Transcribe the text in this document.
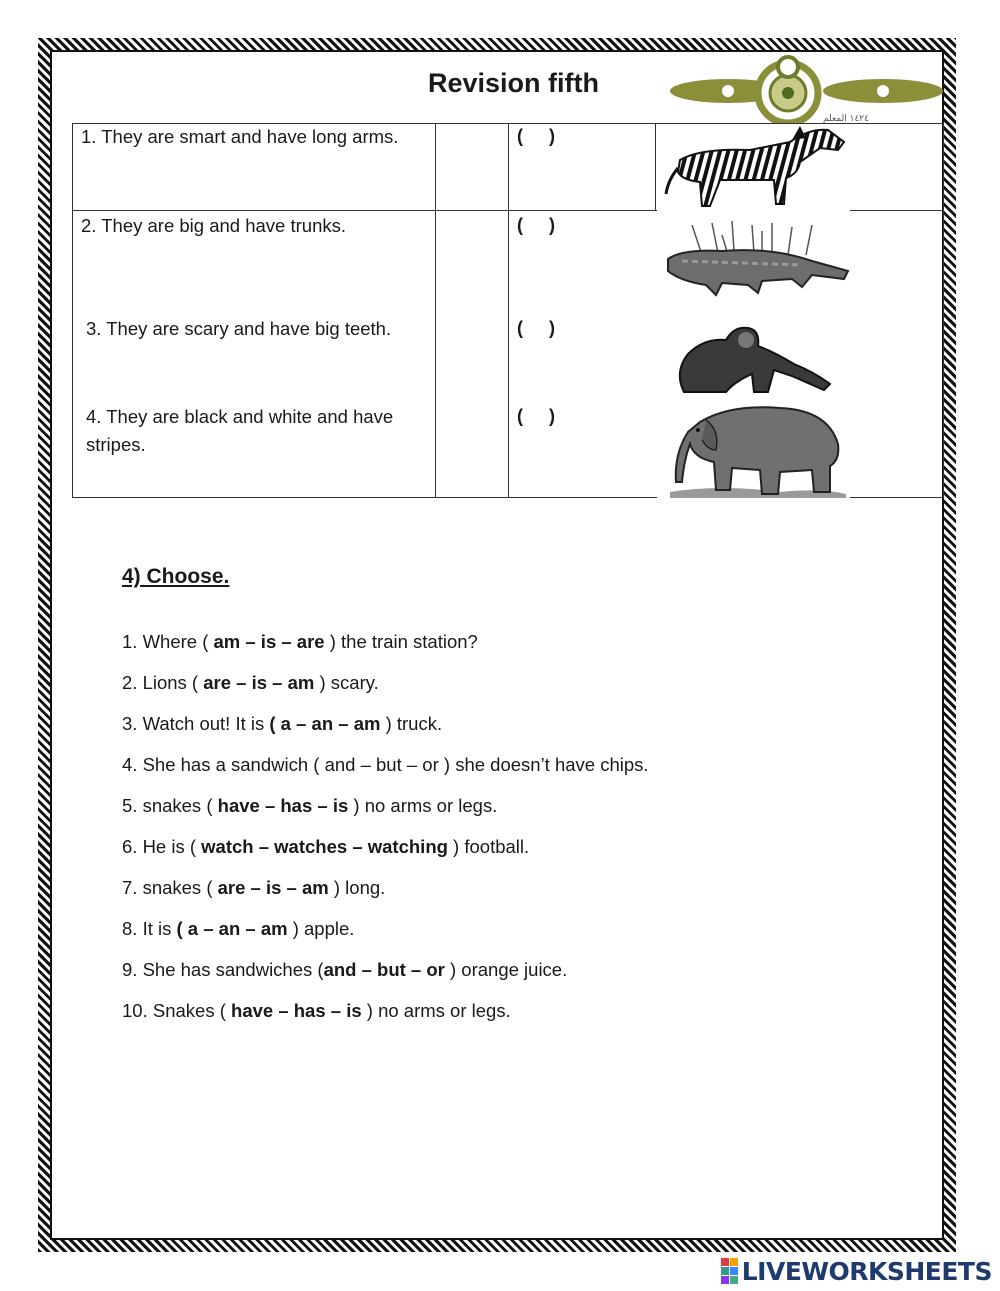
Revision fifth
١٤٢٤ المعلم
1. They are smart and have long arms.
2. They are big and have trunks.
3. They are scary and have big teeth.
4. They are black and white and have stripes.
( )
( )
( )
( )
4) Choose.
1. Where ( am – is – are ) the train station?
2. Lions ( are – is – am ) scary.
3. Watch out! It is ( a – an – am ) truck.
4. She has a sandwich ( and – but – or ) she doesn’t have chips.
5. snakes ( have – has – is ) no arms or legs.
6. He is ( watch – watches – watching ) football.
7. snakes ( are – is – am ) long.
8. It is ( a – an – am ) apple.
9. She has sandwiches (and – but – or ) orange juice.
10. Snakes ( have – has – is ) no arms or legs.
LIVEWORKSHEETS
